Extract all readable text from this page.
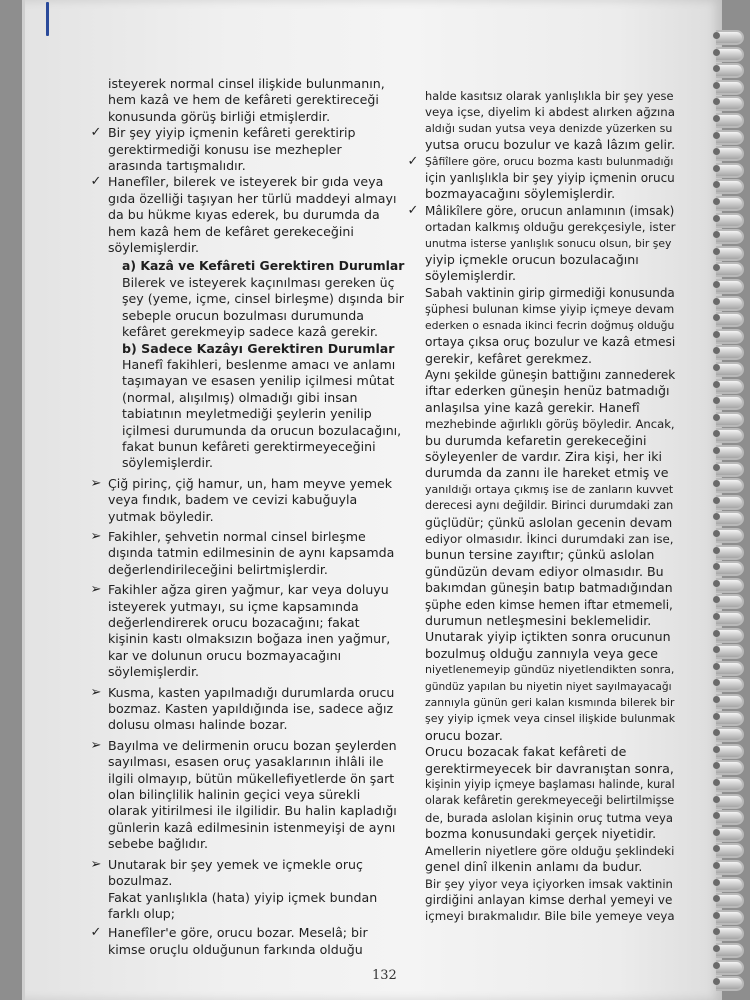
isteyerek normal cinsel ilişkide bulunmanın,
hem kazâ ve hem de kefâreti gerektireceği
konusunda görüş birliği etmişlerdir.
✓ Bir şey yiyip içmenin kefâreti gerektirip
gerektirmediği konusu ise mezhepler
arasında tartışmalıdır.
✓ Hanefîler, bilerek ve isteyerek bir gıda veya
gıda özelliği taşıyan her türlü maddeyi almayı
da bu hükme kıyas ederek, bu durumda da
hem kazâ hem de kefâret gerekeceğini
söylemişlerdir.
a) Kazâ ve Kefâreti Gerektiren Durumlar
Bilerek ve isteyerek kaçınılması gereken üç
şey (yeme, içme, cinsel birleşme) dışında bir
sebeple orucun bozulması durumunda
kefâret gerekmeyip sadece kazâ gerekir.
b) Sadece Kazâyı Gerektiren Durumlar
Hanefî fakihleri, beslenme amacı ve anlamı
taşımayan ve esasen yenilip içilmesi mûtat
(normal, alışılmış) olmadığı gibi insan
tabiatının meyletmediği şeylerin yenilip
içilmesi durumunda da orucun bozulacağını,
fakat bunun kefâreti gerektirmeyeceğini
söylemişlerdir.
➢ Çiğ pirinç, çiğ hamur, un, ham meyve yemek
veya fındık, badem ve cevizi kabuğuyla
yutmak böyledir.
➢ Fakihler, şehvetin normal cinsel birleşme
dışında tatmin edilmesinin de aynı kapsamda
değerlendirileceğini belirtmişlerdir.
➢ Fakihler ağza giren yağmur, kar veya doluyu
isteyerek yutmayı, su içme kapsamında
değerlendirerek orucu bozacağını; fakat
kişinin kastı olmaksızın boğaza inen yağmur,
kar ve dolunun orucu bozmayacağını
söylemişlerdir.
➢ Kusma, kasten yapılmadığı durumlarda orucu
bozmaz. Kasten yapıldığında ise, sadece ağız
dolusu olması halinde bozar.
➢ Bayılma ve delirmenin orucu bozan şeylerden
sayılması, esasen oruç yasaklarının ihlâli ile
ilgili olmayıp, bütün mükellefiyetlerde ön şart
olan bilinçlilik halinin geçici veya sürekli
olarak yitirilmesi ile ilgilidir. Bu halin kapladığı
günlerin kazâ edilmesinin istenmeyişi de aynı
sebebe bağlıdır.
➢ Unutarak bir şey yemek ve içmekle oruç
bozulmaz.
Fakat yanlışlıkla (hata) yiyip içmek bundan
farklı olup;
✓ Hanefîler'e göre, orucu bozar. Meselâ; bir
kimse oruçlu olduğunun farkında olduğu
halde kasıtsız olarak yanlışlıkla bir şey yese
veya içse, diyelim ki abdest alırken ağzına
aldığı sudan yutsa veya denizde yüzerken su
yutsa orucu bozulur ve kazâ lâzım gelir.
✓ Şâfiîlere göre, orucu bozma kastı bulunmadığı
için yanlışlıkla bir şey yiyip içmenin orucu
bozmayacağını söylemişlerdir.
✓ Mâlikîlere göre, orucun anlamının (imsak)
ortadan kalkmış olduğu gerekçesiyle, ister
unutma isterse yanlışlık sonucu olsun, bir şey
yiyip içmekle orucun bozulacağını
söylemişlerdir.
Sabah vaktinin girip girmediği konusunda
şüphesi bulunan kimse yiyip içmeye devam
ederken o esnada ikinci fecrin doğmuş olduğu
ortaya çıksa oruç bozulur ve kazâ etmesi
gerekir, kefâret gerekmez.
Aynı şekilde güneşin battığını zannederek
iftar ederken güneşin henüz batmadığı
anlaşılsa yine kazâ gerekir. Hanefî
mezhebinde ağırlıklı görüş böyledir. Ancak,
bu durumda kefaretin gerekeceğini
söyleyenler de vardır. Zira kişi, her iki
durumda da zannı ile hareket etmiş ve
yanıldığı ortaya çıkmış ise de zanların kuvvet
derecesi aynı değildir. Birinci durumdaki zan
güçlüdür; çünkü aslolan gecenin devam
ediyor olmasıdır. İkinci durumdaki zan ise,
bunun tersine zayıftır; çünkü aslolan
gündüzün devam ediyor olmasıdır. Bu
bakımdan güneşin batıp batmadığından
şüphe eden kimse hemen iftar etmemeli,
durumun netleşmesini beklemelidir.
Unutarak yiyip içtikten sonra orucunun
bozulmuş olduğu zannıyla veya gece
niyetlenemeyip gündüz niyetlendikten sonra,
gündüz yapılan bu niyetin niyet sayılmayacağı
zannıyla günün geri kalan kısmında bilerek bir
şey yiyip içmek veya cinsel ilişkide bulunmak
orucu bozar.
Orucu bozacak fakat kefâreti de
gerektirmeyecek bir davranıştan sonra,
kişinin yiyip içmeye başlaması halinde, kural
olarak kefâretin gerekmeyeceği belirtilmişse
de, burada aslolan kişinin oruç tutma veya
bozma konusundaki gerçek niyetidir.
Amellerin niyetlere göre olduğu şeklindeki
genel dinî ilkenin anlamı da budur.
Bir şey yiyor veya içiyorken imsak vaktinin
girdiğini anlayan kimse derhal yemeyi ve
içmeyi bırakmalıdır. Bile bile yemeye veya
132
